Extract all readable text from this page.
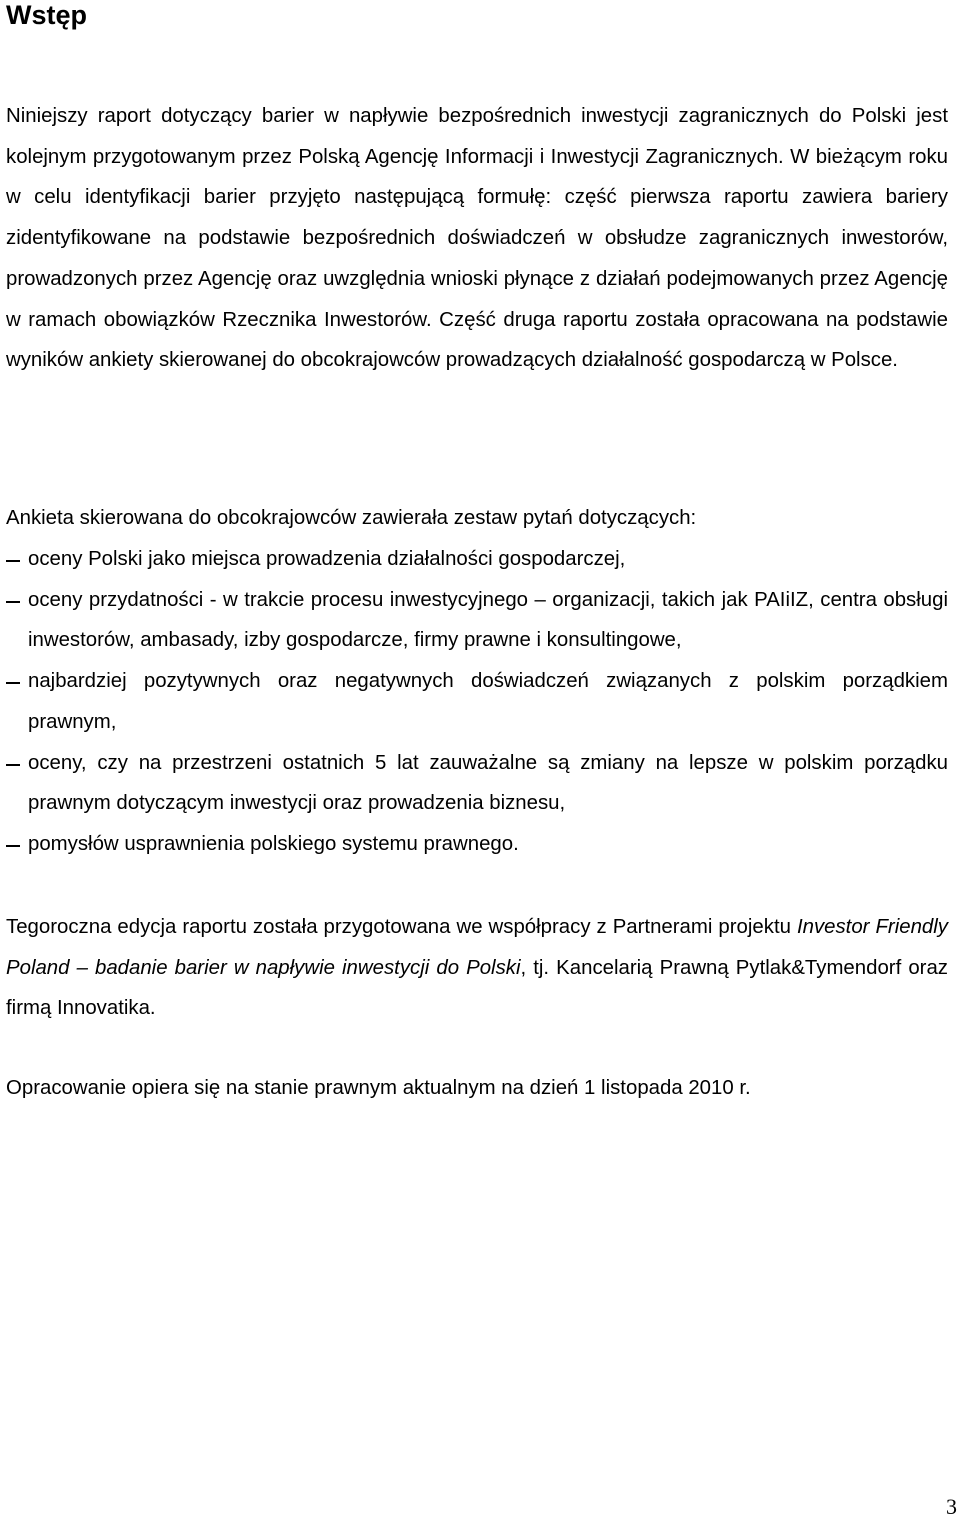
Wstęp

Niniejszy raport dotyczący barier w napływie bezpośrednich inwestycji zagranicznych do Polski jest kolejnym przygotowanym przez Polską Agencję Informacji i Inwestycji Zagranicznych. W bieżącym roku w celu identyfikacji barier przyjęto następującą formułę: część pierwsza raportu zawiera bariery zidentyfikowane na podstawie bezpośrednich doświadczeń w obsłudze zagranicznych inwestorów, prowadzonych przez Agencję oraz uwzględnia wnioski płynące z działań podejmowanych przez Agencję w ramach obowiązków Rzecznika Inwestorów. Część druga raportu została opracowana na podstawie wyników ankiety skierowanej do obcokrajowców prowadzących działalność gospodarczą w Polsce.

Ankieta skierowana do obcokrajowców zawierała zestaw pytań dotyczących:

oceny Polski jako miejsca prowadzenia działalności gospodarczej,
oceny przydatności - w trakcie procesu inwestycyjnego – organizacji, takich jak PAIiIZ, centra obsługi inwestorów, ambasady, izby gospodarcze, firmy prawne i konsultingowe,
najbardziej pozytywnych oraz negatywnych doświadczeń związanych z polskim porządkiem prawnym,
oceny, czy na przestrzeni ostatnich 5 lat zauważalne są zmiany na lepsze w polskim porządku prawnym dotyczącym inwestycji oraz prowadzenia biznesu,
pomysłów usprawnienia polskiego systemu prawnego.

Tegoroczna edycja raportu została przygotowana we współpracy z Partnerami projektu Investor Friendly Poland – badanie barier w napływie inwestycji do Polski, tj. Kancelarią Prawną Pytlak&Tymendorf oraz firmą Innovatika.

Opracowanie opiera się na stanie prawnym aktualnym na dzień 1 listopada 2010 r.

3
